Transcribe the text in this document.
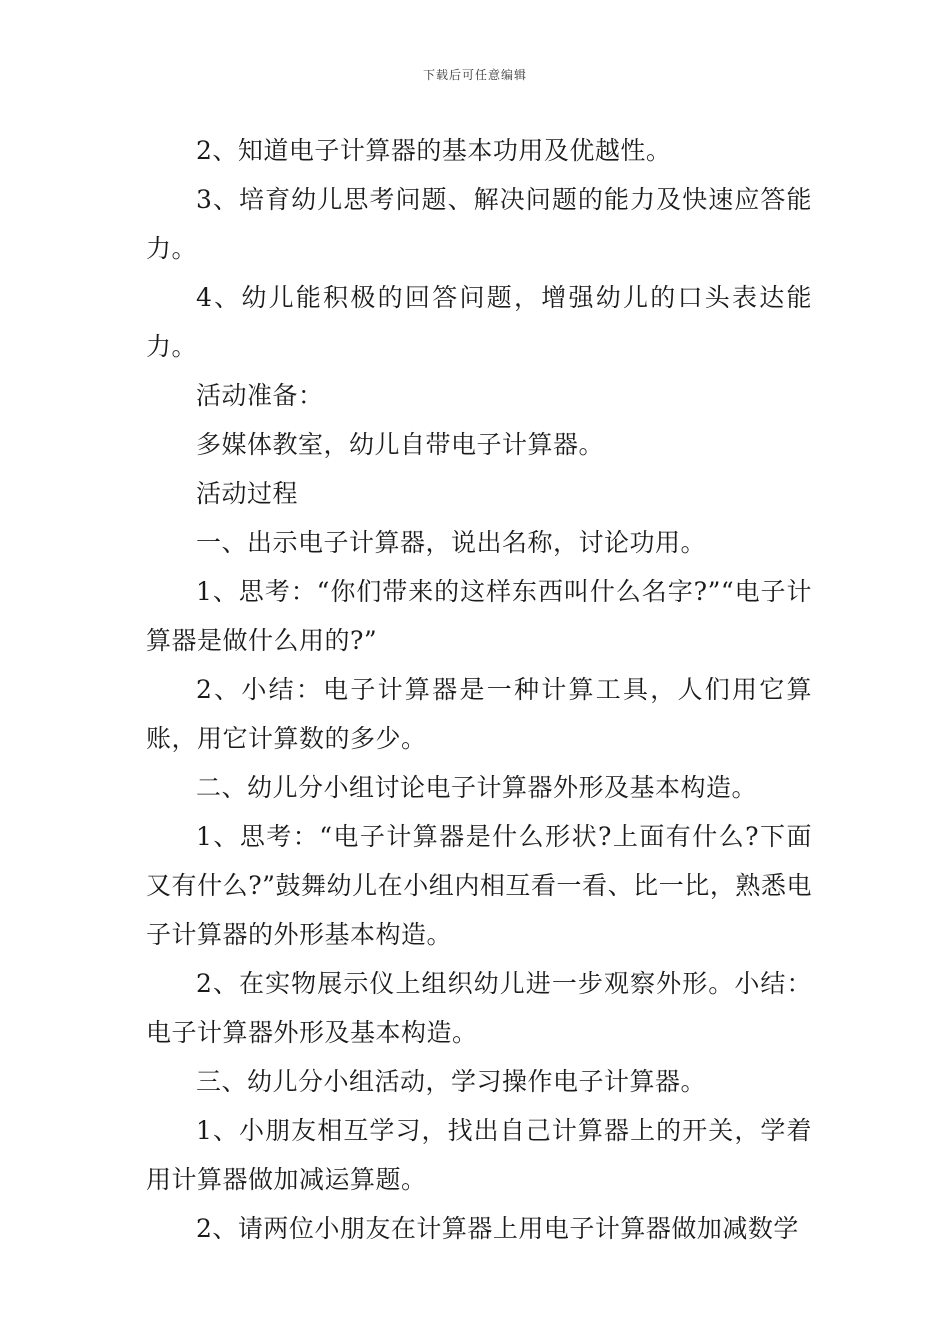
下载后可任意编辑

2、知道电子计算器的基本功用及优越性。

3、培育幼儿思考问题、解决问题的能力及快速应答能力。

4、幼儿能积极的回答问题，增强幼儿的口头表达能力。

活动准备：

多媒体教室，幼儿自带电子计算器。

活动过程

一、出示电子计算器，说出名称，讨论功用。

1、思考：“你们带来的这样东西叫什么名字?”“电子计算器是做什么用的?”

2、小结：电子计算器是一种计算工具，人们用它算账，用它计算数的多少。

二、幼儿分小组讨论电子计算器外形及基本构造。

1、思考：“电子计算器是什么形状?上面有什么?下面又有什么?”鼓舞幼儿在小组内相互看一看、比一比，熟悉电子计算器的外形基本构造。

2、在实物展示仪上组织幼儿进一步观察外形。小结：电子计算器外形及基本构造。

三、幼儿分小组活动，学习操作电子计算器。

1、小朋友相互学习，找出自己计算器上的开关，学着用计算器做加减运算题。

2、请两位小朋友在计算器上用电子计算器做加减数学
